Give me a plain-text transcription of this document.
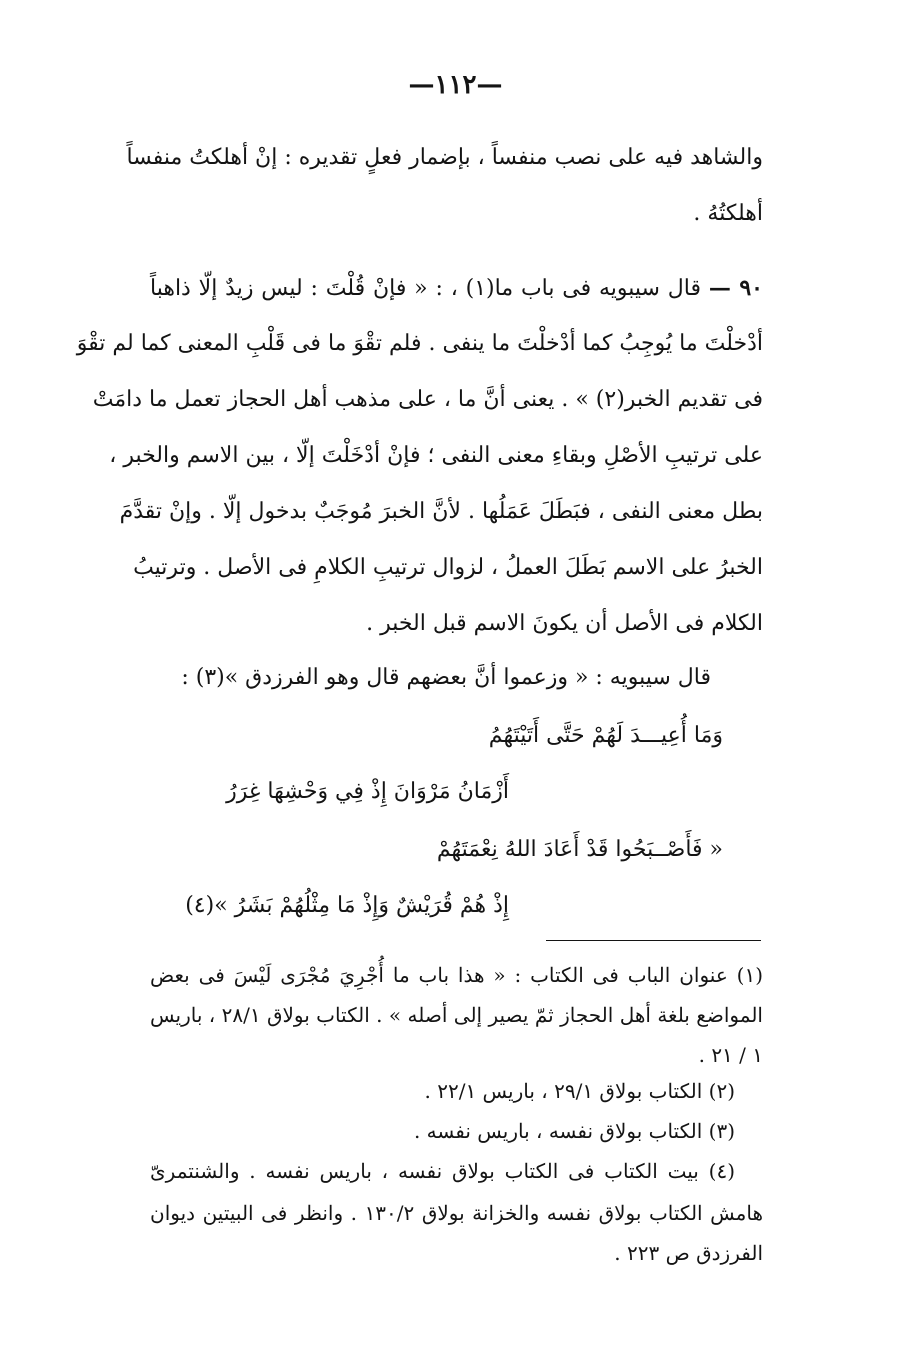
—١١٢—
والشاهد فيه على نصب منفساً ، بإضمار فعلٍ تقديره : إنْ أهلكتُ منفساً
أهلكتُهُ .
٩٠ — قال سيبويه فى باب ما(١) ، : « فإنْ قُلْتَ : ليس زيدٌ إلّا ذاهباً
أدْخلْتَ ما يُوجِبُ كما أدْخلْتَ ما ينفى . فلم تقْوَ ما فى قَلْبِ المعنى كما لم تقْوَ
فى تقديم الخبر(٢) » . يعنى أنَّ ما ، على مذهب أهل الحجاز تعمل ما دامَتْ
على ترتيبِ الأصْلِ وبقاءِ معنى النفى ؛ فإنْ أدْخَلْتَ إلّا ، بين الاسم والخبر ،
بطل معنى النفى ، فبَطَلَ عَمَلُها . لأنَّ الخبرَ مُوجَبٌ بدخول إلّا . وإنْ تقدَّمَ
الخبرُ على الاسم بَطَلَ العملُ ، لزوال ترتيبِ الكلامِ فى الأصل . وترتيبُ
الكلام فى الأصل أن يكونَ الاسم قبل الخبر .
قال سيبويه : « وزعموا أنَّ بعضهم قال وهو الفرزدق »(٣) :
وَمَا أُعِيـــدَ لَهُمْ حَتَّى أَتَيْتَهُمُ
أَزْمَانُ مَرْوَانَ إِذْ فِي وَحْشِهَا غِرَرُ
« فَأَصْــبَحُوا قَدْ أَعَادَ اللهُ نِعْمَتَهُمْ
إِذْ هُمْ قُرَيْشٌ وَإِذْ مَا مِثْلُهُمْ بَشَرُ »(٤)
(١) عنوان الباب فى الكتاب : « هذا باب ما أُجْرِيَ مُجْرَى لَيْسَ فى بعض
المواضع بلغة أهل الحجاز ثمّ يصير إلى أصله » . الكتاب بولاق ٢٨/١ ، باريس
١ / ٢١ .
(٢) الكتاب بولاق ٢٩/١ ، باريس ٢٢/١ .
(٣) الكتاب بولاق نفسه ، باريس نفسه .
(٤) بيت الكتاب فى الكتاب بولاق نفسه ، باريس نفسه . والشنتمرىّ
هامش الكتاب بولاق نفسه والخزانة بولاق ١٣٠/٢ . وانظر فى البيتين ديوان
الفرزدق ص ٢٢٣ .
